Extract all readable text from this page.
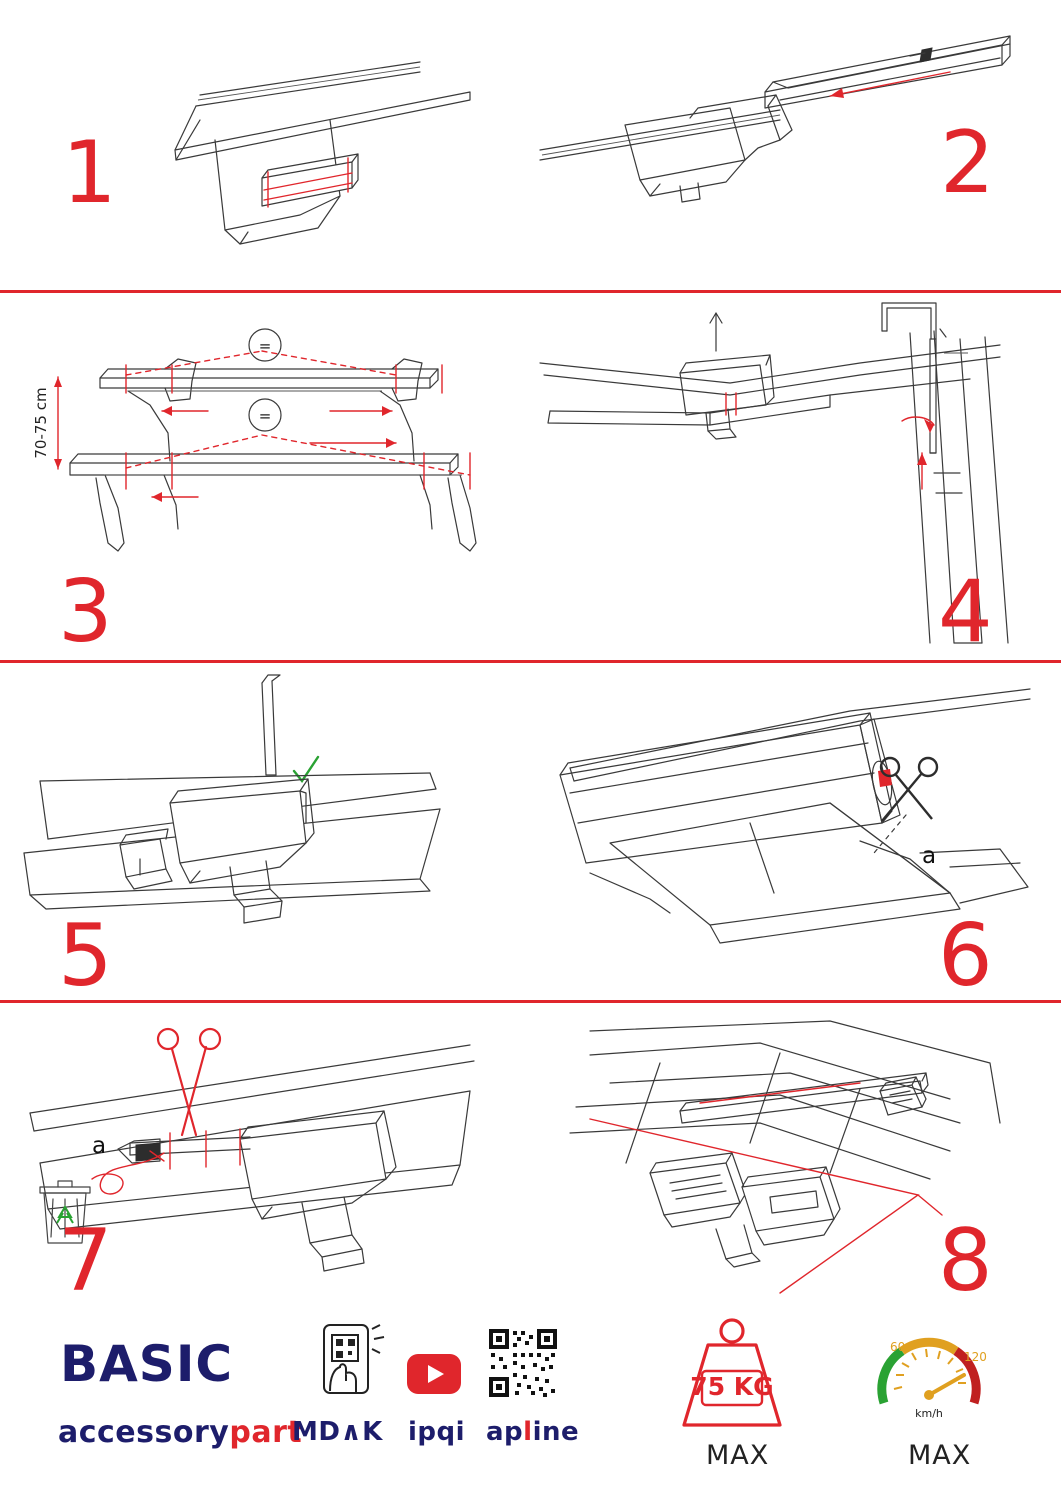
1	2
70-75 cm
=
=
3	4
5
a
6
a
7	8
BASIC
accessorypart
MD∧K ipqi apline
75 KG
MAX
60
120
km/h
MAX
